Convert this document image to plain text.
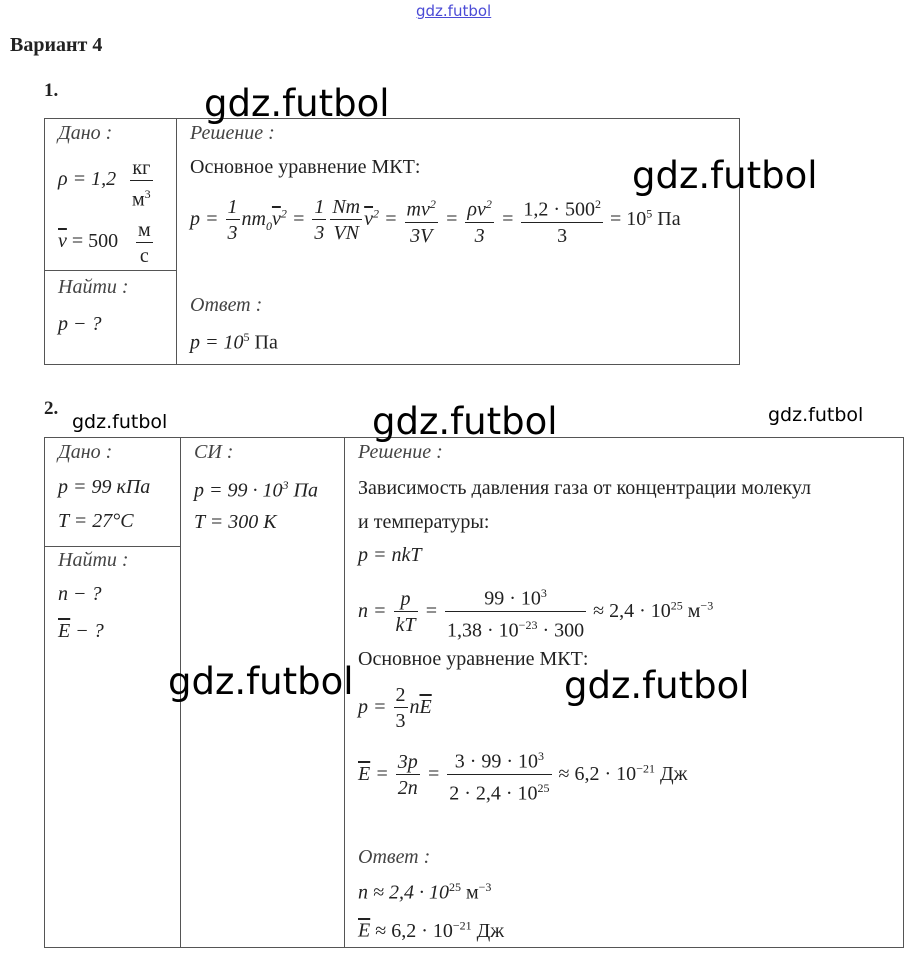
gdz.futbol
Вариант 4
1.
Дано :
$\rho = 1,2 \frac{кг}{м^3}$
$\overline{v} = 500 \frac{м}{с}$
Найти :
p − ?
Решение :
Основное уравнение МКТ:
$p = \frac{1}{3} nm_0\overline{v}^2 = \frac{1}{3} \frac{Nm}{VN} \overline{v}^2 = \frac{mv^2}{3V} = \frac{\rho v^2}{3} = \frac{1,2 \cdot 500^2}{3} = 10^5$ Па
Ответ :
$p = 10^5$ Па
2.
Дано :
p = 99 кПа
T = 27°C
Найти :
n − ?
$\overline{E}$ − ?
СИ :
$p = 99 \cdot 10^3$ Па
T = 300 К
Решение :
Зависимость давления газа от концентрации молекул
и температуры:
p = nkT
$n = \frac{p}{kT} = \frac{99 \cdot 10^3}{1,38 \cdot 10^{-23} \cdot 300} \approx 2,4 \cdot 10^{25}$ $м^{-3}$
Основное уравнение МКТ:
$p = \frac{2}{3} n\overline{E}$
$\overline{E} = \frac{3p}{2n} = \frac{3 \cdot 99 \cdot 10^3}{2 \cdot 2,4 \cdot 10^{25}} \approx 6,2 \cdot 10^{-21}$ Дж
Ответ :
$n \approx 2,4 \cdot 10^{25}$ $м^{-3}$
$\overline{E} \approx 6,2 \cdot 10^{-21}$ Дж
gdz.futbol
gdz.futbol
gdz.futbol	gdz.futbol	gdz.futbol
gdz.futbol	gdz.futbol
